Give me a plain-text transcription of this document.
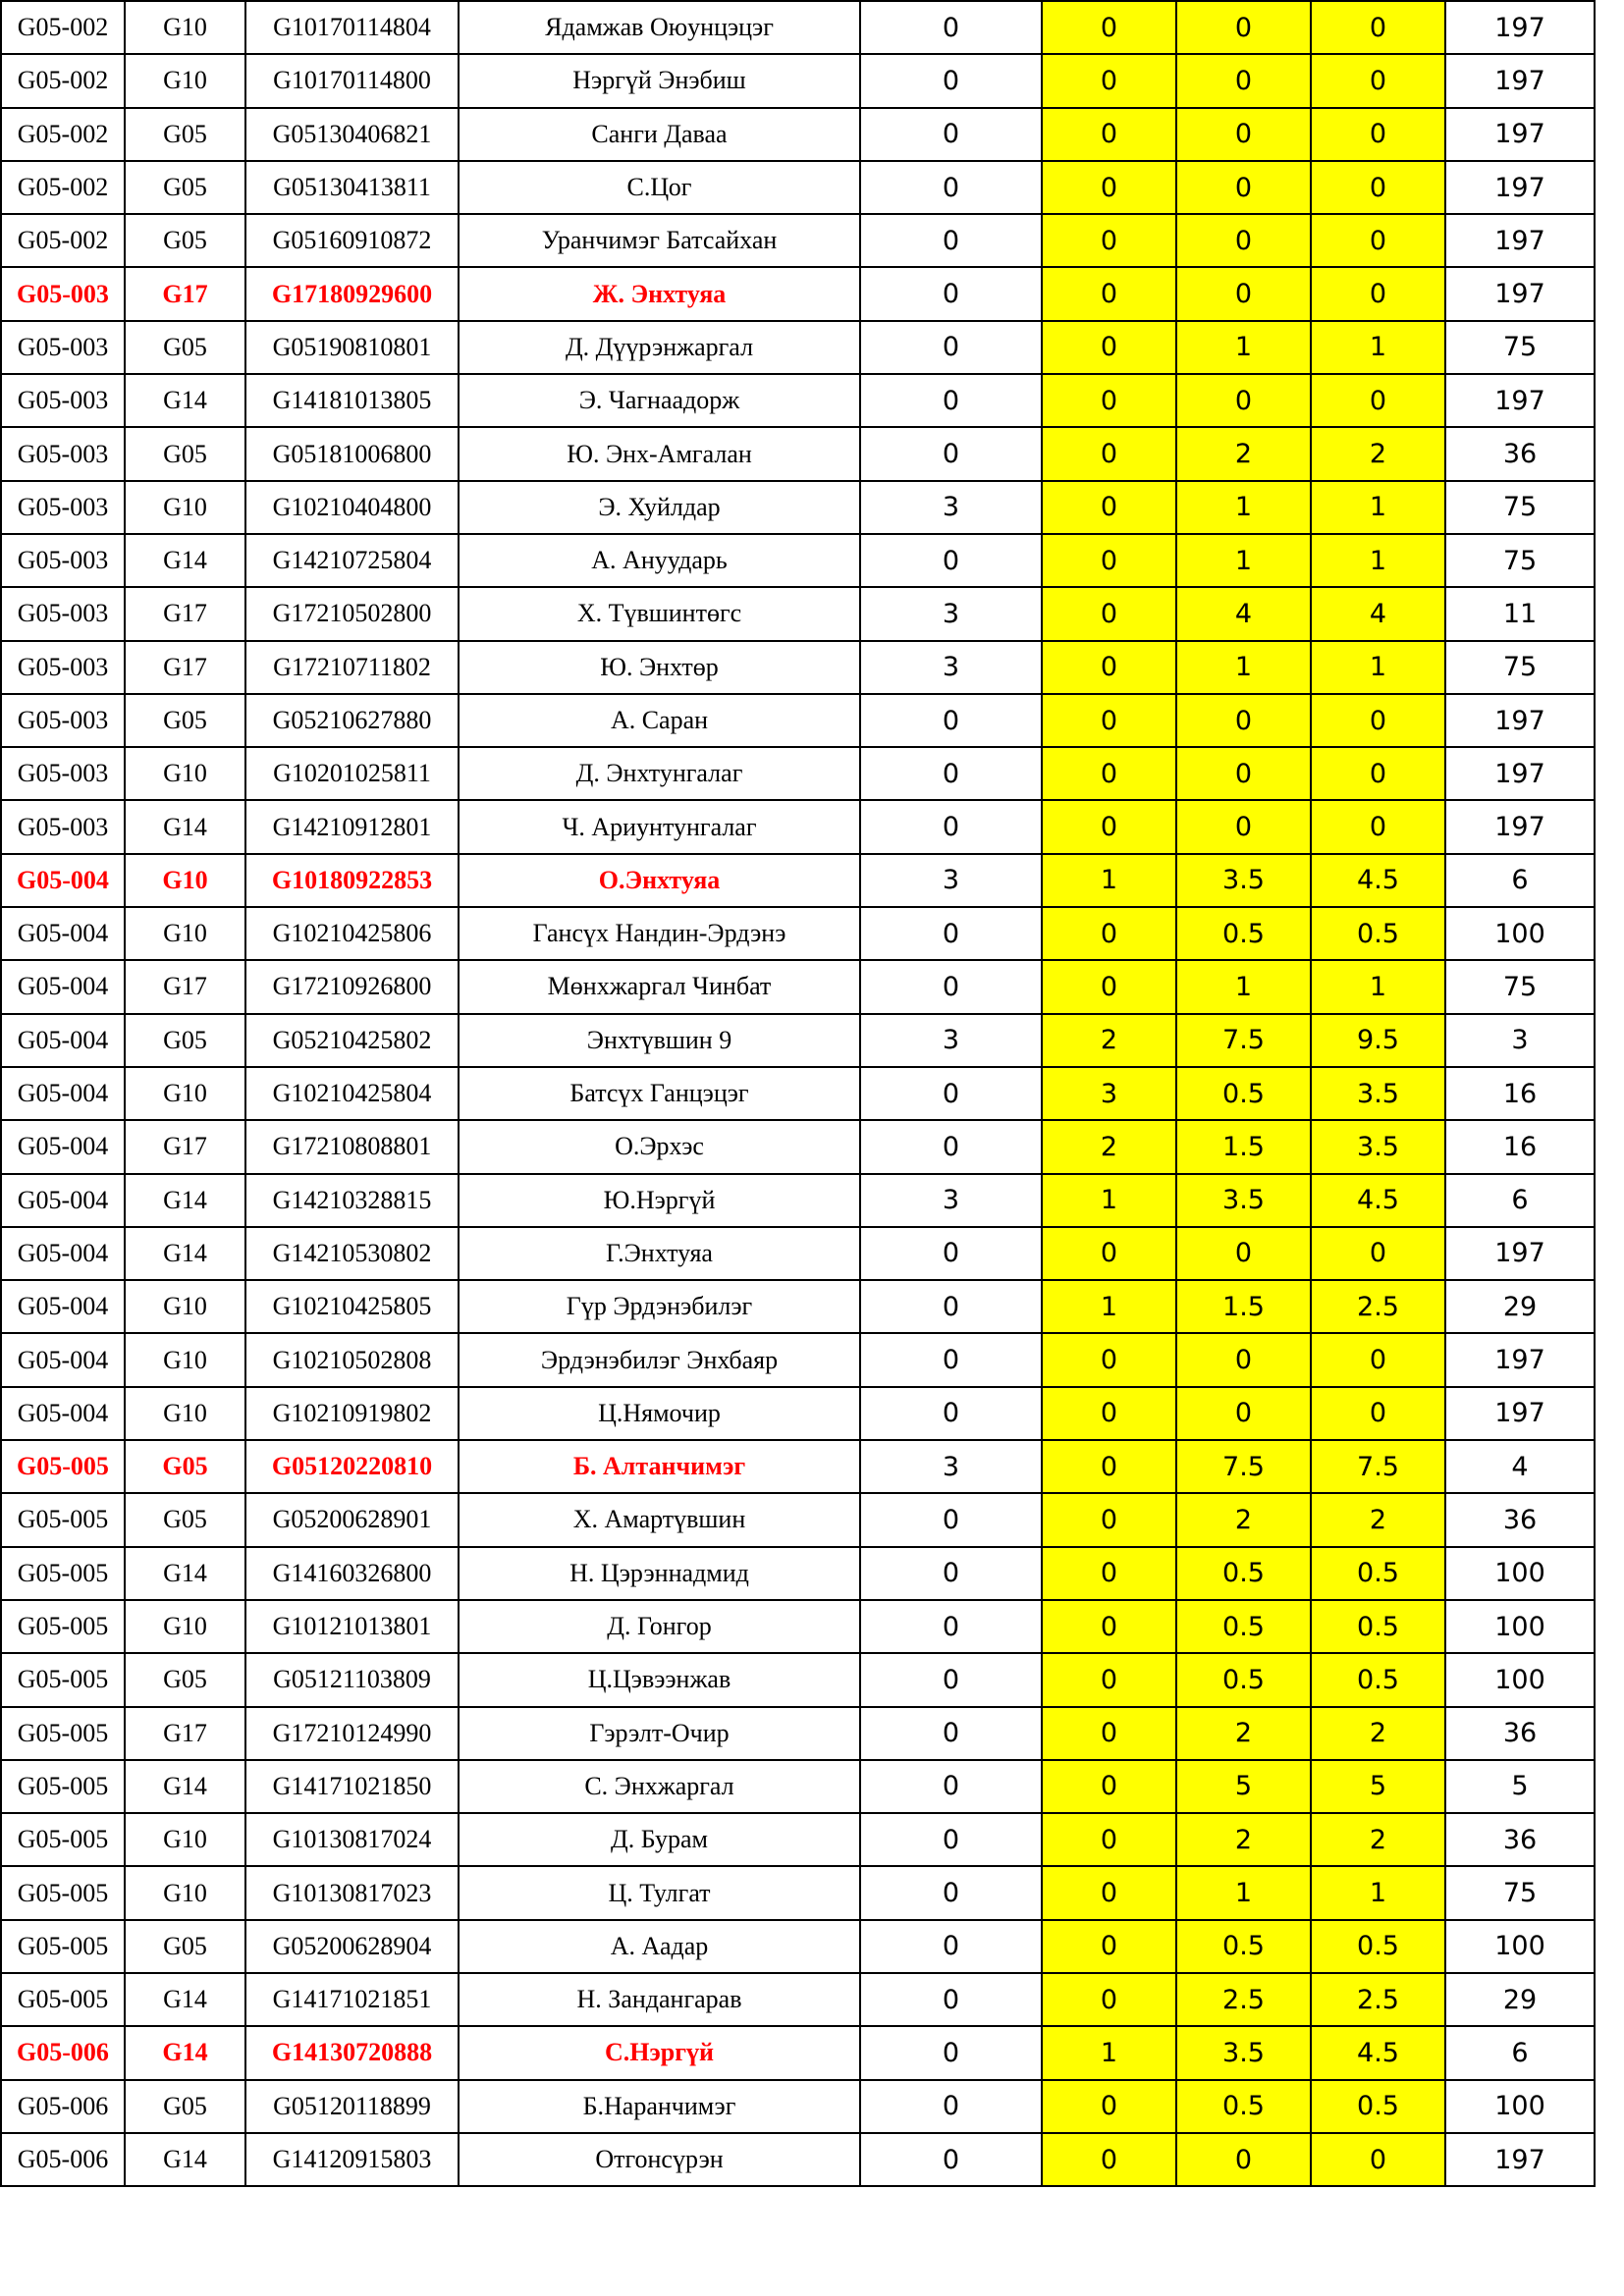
G05-002	G10	G10170114804	Ядамжав Оюунцэцэг	0	0	0	0	197
G05-002	G10	G10170114800	Нэргүй Энэбиш	0	0	0	0	197
G05-002	G05	G05130406821	Санги Даваа	0	0	0	0	197
G05-002	G05	G05130413811	С.Цог	0	0	0	0	197
G05-002	G05	G05160910872	Уранчимэг Батсайхан	0	0	0	0	197
G05-003	G17	G17180929600	Ж. Энхтуяа	0	0	0	0	197
G05-003	G05	G05190810801	Д. Дүүрэнжаргал	0	0	1	1	75
G05-003	G14	G14181013805	Э. Чагнаадорж	0	0	0	0	197
G05-003	G05	G05181006800	Ю. Энх-Амгалан	0	0	2	2	36
G05-003	G10	G10210404800	Э. Хуйлдар	3	0	1	1	75
G05-003	G14	G14210725804	А. Ануударь	0	0	1	1	75
G05-003	G17	G17210502800	Х. Түвшинтөгс	3	0	4	4	11
G05-003	G17	G17210711802	Ю. Энхтөр	3	0	1	1	75
G05-003	G05	G05210627880	А. Саран	0	0	0	0	197
G05-003	G10	G10201025811	Д. Энхтунгалаг	0	0	0	0	197
G05-003	G14	G14210912801	Ч. Ариунтунгалаг	0	0	0	0	197
G05-004	G10	G10180922853	О.Энхтуяа	3	1	3.5	4.5	6
G05-004	G10	G10210425806	Гансүх Нандин-Эрдэнэ	0	0	0.5	0.5	100
G05-004	G17	G17210926800	Мөнхжаргал Чинбат	0	0	1	1	75
G05-004	G05	G05210425802	Энхтүвшин 9	3	2	7.5	9.5	3
G05-004	G10	G10210425804	Батсүх Ганцэцэг	0	3	0.5	3.5	16
G05-004	G17	G17210808801	О.Эрхэс	0	2	1.5	3.5	16
G05-004	G14	G14210328815	Ю.Нэргүй	3	1	3.5	4.5	6
G05-004	G14	G14210530802	Г.Энхтуяа	0	0	0	0	197
G05-004	G10	G10210425805	Гүр Эрдэнэбилэг	0	1	1.5	2.5	29
G05-004	G10	G10210502808	Эрдэнэбилэг Энхбаяр	0	0	0	0	197
G05-004	G10	G10210919802	Ц.Нямочир	0	0	0	0	197
G05-005	G05	G05120220810	Б. Алтанчимэг	3	0	7.5	7.5	4
G05-005	G05	G05200628901	Х. Амартүвшин	0	0	2	2	36
G05-005	G14	G14160326800	Н. Цэрэннадмид	0	0	0.5	0.5	100
G05-005	G10	G10121013801	Д. Гонгор	0	0	0.5	0.5	100
G05-005	G05	G05121103809	Ц.Цэвээнжав	0	0	0.5	0.5	100
G05-005	G17	G17210124990	Гэрэлт-Очир	0	0	2	2	36
G05-005	G14	G14171021850	С. Энхжаргал	0	0	5	5	5
G05-005	G10	G10130817024	Д. Бурам	0	0	2	2	36
G05-005	G10	G10130817023	Ц. Тулгат	0	0	1	1	75
G05-005	G05	G05200628904	А. Аадар	0	0	0.5	0.5	100
G05-005	G14	G14171021851	Н. Зандангарав	0	0	2.5	2.5	29
G05-006	G14	G14130720888	С.Нэргүй	0	1	3.5	4.5	6
G05-006	G05	G05120118899	Б.Наранчимэг	0	0	0.5	0.5	100
G05-006	G14	G14120915803	Отгонсүрэн	0	0	0	0	197
